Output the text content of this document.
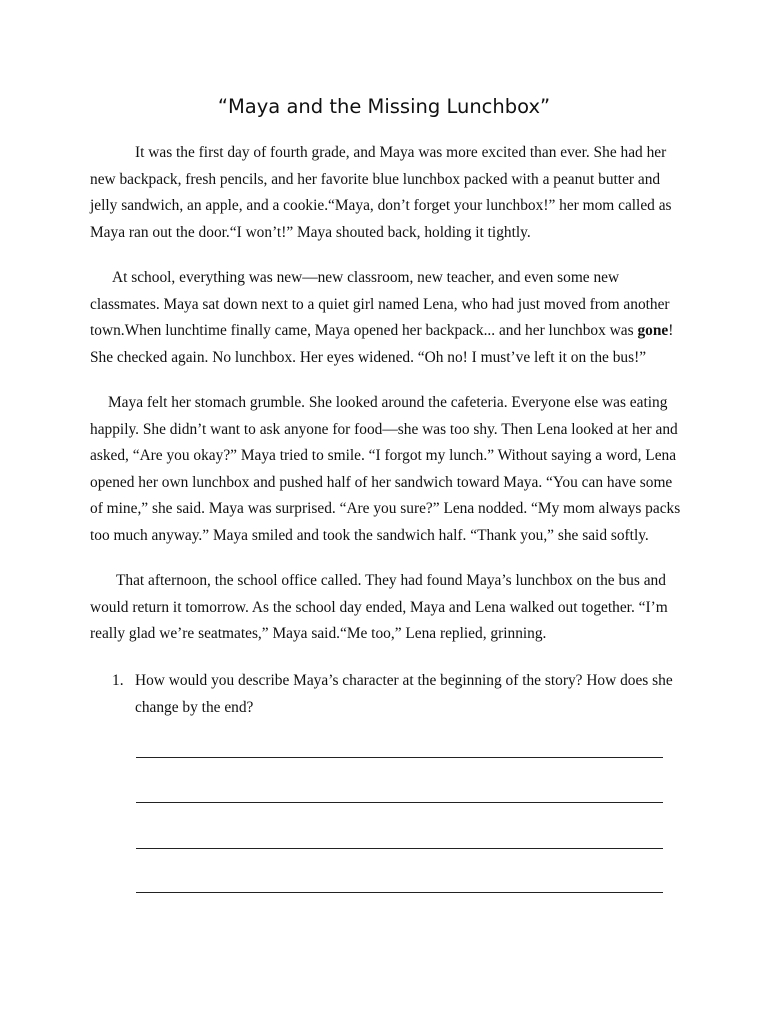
“Maya and the Missing Lunchbox”
It was the first day of fourth grade, and Maya was more excited than ever. She had her
new backpack, fresh pencils, and her favorite blue lunchbox packed with a peanut butter and
jelly sandwich, an apple, and a cookie.“Maya, don’t forget your lunchbox!” her mom called as
Maya ran out the door.“I won’t!” Maya shouted back, holding it tightly.
At school, everything was new—new classroom, new teacher, and even some new
classmates. Maya sat down next to a quiet girl named Lena, who had just moved from another
town.When lunchtime finally came, Maya opened her backpack... and her lunchbox was gone!
She checked again. No lunchbox. Her eyes widened. “Oh no! I must’ve left it on the bus!”
Maya felt her stomach grumble. She looked around the cafeteria. Everyone else was eating
happily. She didn’t want to ask anyone for food—she was too shy. Then Lena looked at her and
asked, “Are you okay?” Maya tried to smile. “I forgot my lunch.” Without saying a word, Lena
opened her own lunchbox and pushed half of her sandwich toward Maya. “You can have some
of mine,” she said. Maya was surprised. “Are you sure?” Lena nodded. “My mom always packs
too much anyway.” Maya smiled and took the sandwich half. “Thank you,” she said softly.
That afternoon, the school office called. They had found Maya’s lunchbox on the bus and
would return it tomorrow. As the school day ended, Maya and Lena walked out together. “I’m
really glad we’re seatmates,” Maya said.“Me too,” Lena replied, grinning.
1. How would you describe Maya’s character at the beginning of the story? How does she
change by the end?
